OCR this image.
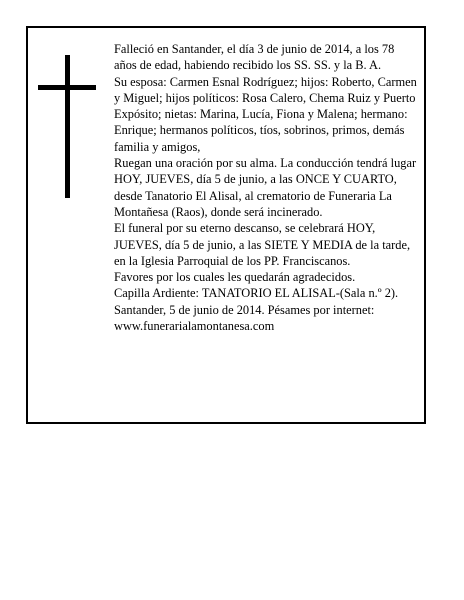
Falleció en Santander, el día 3 de junio de 2014, a los 78 años de edad, habiendo recibido los SS. SS. y la B. A.

Su esposa: Carmen Esnal Rodríguez; hijos: Roberto, Carmen y Miguel; hijos políticos: Rosa Calero, Chema Ruiz y Puerto Expósito; nietas: Marina, Lucía, Fiona y Malena; hermano: Enrique; hermanos políticos, tíos, sobrinos, primos, demás familia y amigos,

Ruegan una oración por su alma. La conducción tendrá lugar HOY, JUEVES, día 5 de junio, a las ONCE Y CUARTO, desde Tanatorio El Alisal, al crematorio de Funeraria La Montañesa (Raos), donde será incinerado.

El funeral por su eterno descanso, se celebrará HOY, JUEVES, día 5 de junio, a las SIETE Y MEDIA de la tarde, en la Iglesia Parroquial de los PP. Franciscanos.

Favores por los cuales les quedarán agradecidos.

Capilla Ardiente: TANATORIO EL ALISAL-(Sala n.º 2).

Santander, 5 de junio de 2014. Pésames por internet: www.funerarialamontanesa.com
